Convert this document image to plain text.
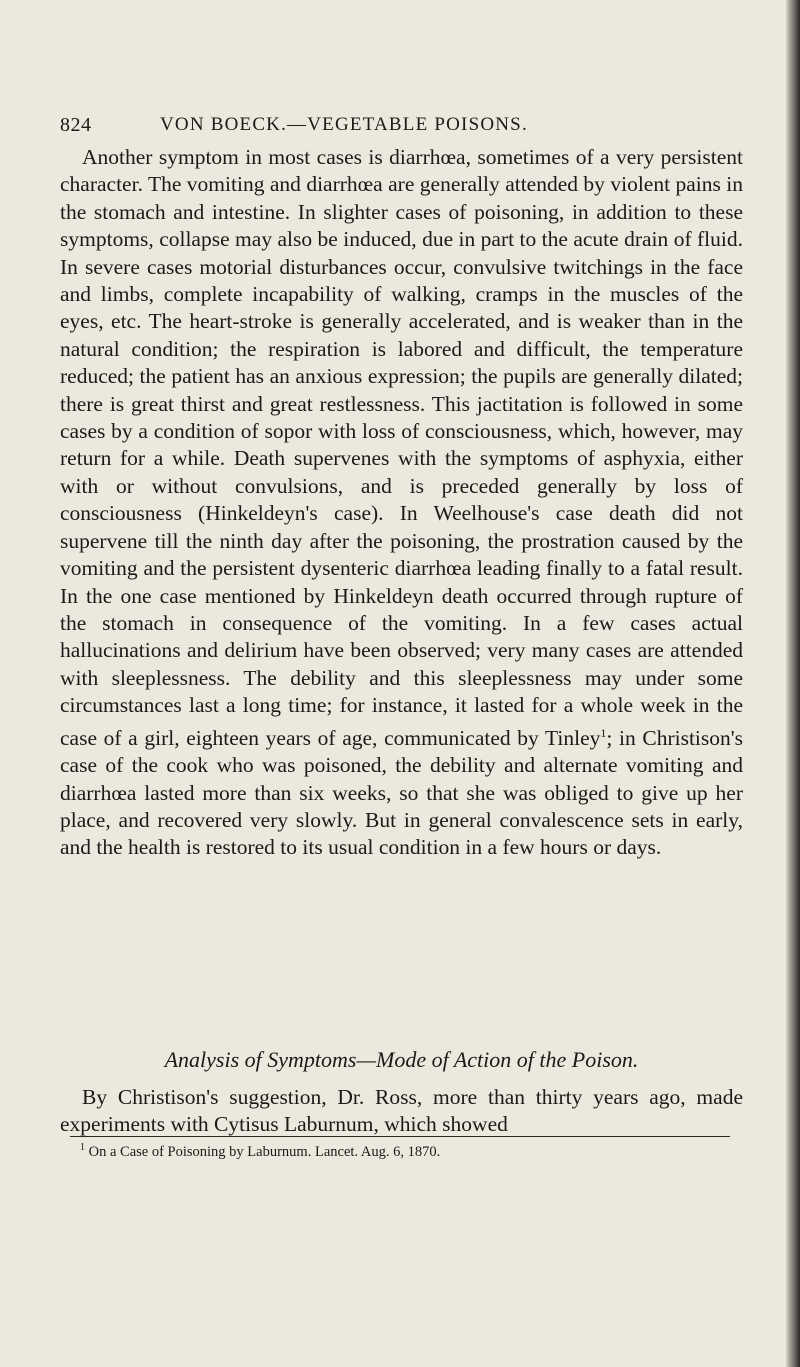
824	VON BOECK.—VEGETABLE POISONS.

Another symptom in most cases is diarrhœa, sometimes of a very persistent character. The vomiting and diarrhœa are generally attended by violent pains in the stomach and intestine. In slighter cases of poisoning, in addition to these symptoms, collapse may also be induced, due in part to the acute drain of fluid. In severe cases motorial disturbances occur, convulsive twitchings in the face and limbs, complete incapability of walking, cramps in the muscles of the eyes, etc. The heart-stroke is generally accelerated, and is weaker than in the natural condition; the respiration is labored and difficult, the temperature reduced; the patient has an anxious expression; the pupils are generally dilated; there is great thirst and great restlessness. This jactitation is followed in some cases by a condition of sopor with loss of consciousness, which, however, may return for a while. Death supervenes with the symptoms of asphyxia, either with or without convulsions, and is preceded generally by loss of consciousness (Hinkeldeyn's case). In Weelhouse's case death did not supervene till the ninth day after the poisoning, the prostration caused by the vomiting and the persistent dysenteric diarrhœa leading finally to a fatal result. In the one case mentioned by Hinkeldeyn death occurred through rupture of the stomach in consequence of the vomiting. In a few cases actual hallucinations and delirium have been observed; very many cases are attended with sleeplessness. The debility and this sleeplessness may under some circumstances last a long time; for instance, it lasted for a whole week in the case of a girl, eighteen years of age, communicated by Tinley$^1$; in Christison's case of the cook who was poisoned, the debility and alternate vomiting and diarrhœa lasted more than six weeks, so that she was obliged to give up her place, and recovered very slowly. But in general convalescence sets in early, and the health is restored to its usual condition in a few hours or days.

Analysis of Symptoms—Mode of Action of the Poison.

By Christison's suggestion, Dr. Ross, more than thirty years ago, made experiments with Cytisus Laburnum, which showed

$^1$ On a Case of Poisoning by Laburnum. Lancet. Aug. 6, 1870.
